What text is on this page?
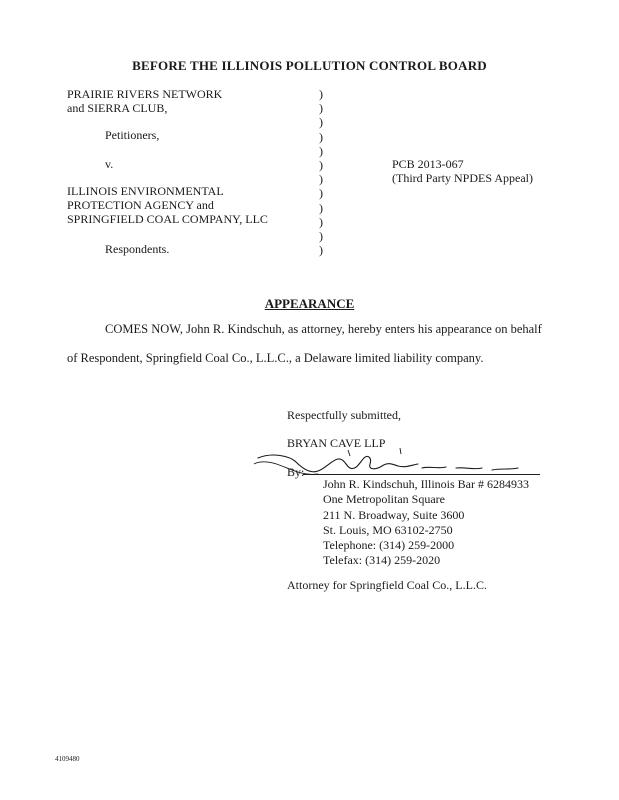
BEFORE THE ILLINOIS POLLUTION CONTROL BOARD
PRAIRIE RIVERS NETWORK
and SIERRA CLUB,
Petitioners,
v.
ILLINOIS ENVIRONMENTAL
PROTECTION AGENCY and
SPRINGFIELD COAL COMPANY, LLC
Respondents.
)
)
)
)
)
)
)
)
)
)
)
)
PCB 2013-067
(Third Party NPDES Appeal)
APPEARANCE
COMES NOW, John R. Kindschuh, as attorney, hereby enters his appearance on behalf
of Respondent, Springfield Coal Co., L.L.C., a Delaware limited liability company.
Respectfully submitted,
BRYAN CAVE LLP
By:
John R. Kindschuh, Illinois Bar # 6284933
One Metropolitan Square
211 N. Broadway, Suite 3600
St. Louis, MO 63102-2750
Telephone: (314) 259-2000
Telefax: (314) 259-2020
Attorney for Springfield Coal Co., L.L.C.
4109480
